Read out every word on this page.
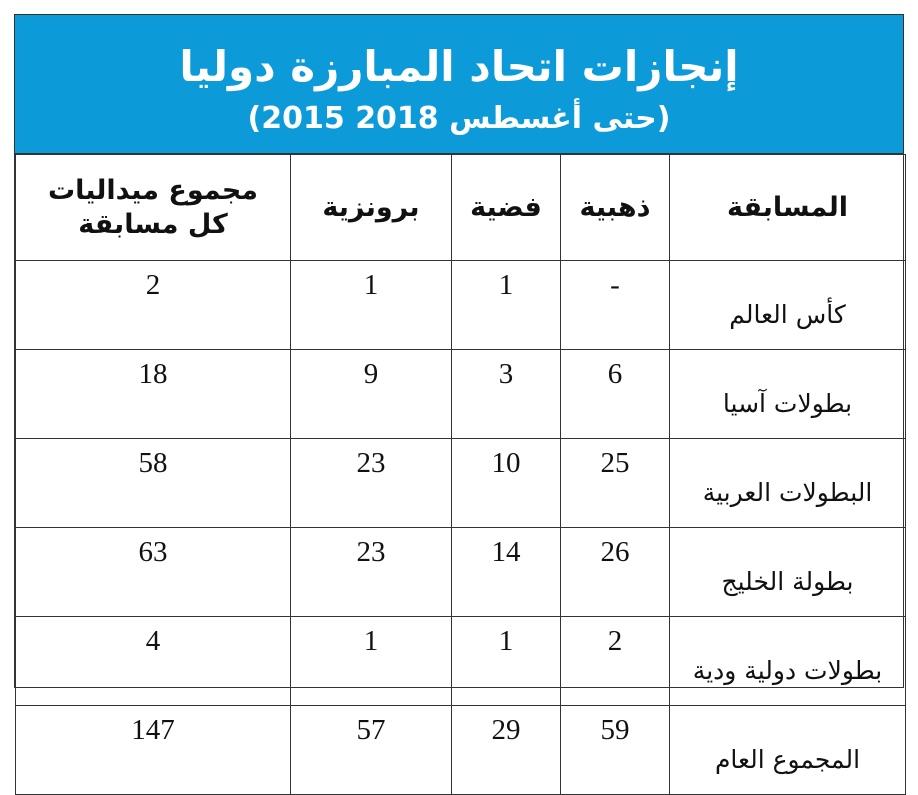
إنجازات اتحاد المبارزة دوليا
(2015 حتى أغسطس 2018)
المسابقة	ذهبية	فضية	برونزية	مجموع ميداليات
كل مسابقة

كأس العالم	-	1	1	2
بطولات آسيا	6	3	9	18
البطولات العربية	25	10	23	58
بطولة الخليج	26	14	23	63
بطولات دولية ودية	2	1	1	4
المجموع العام	59	29	57	147
